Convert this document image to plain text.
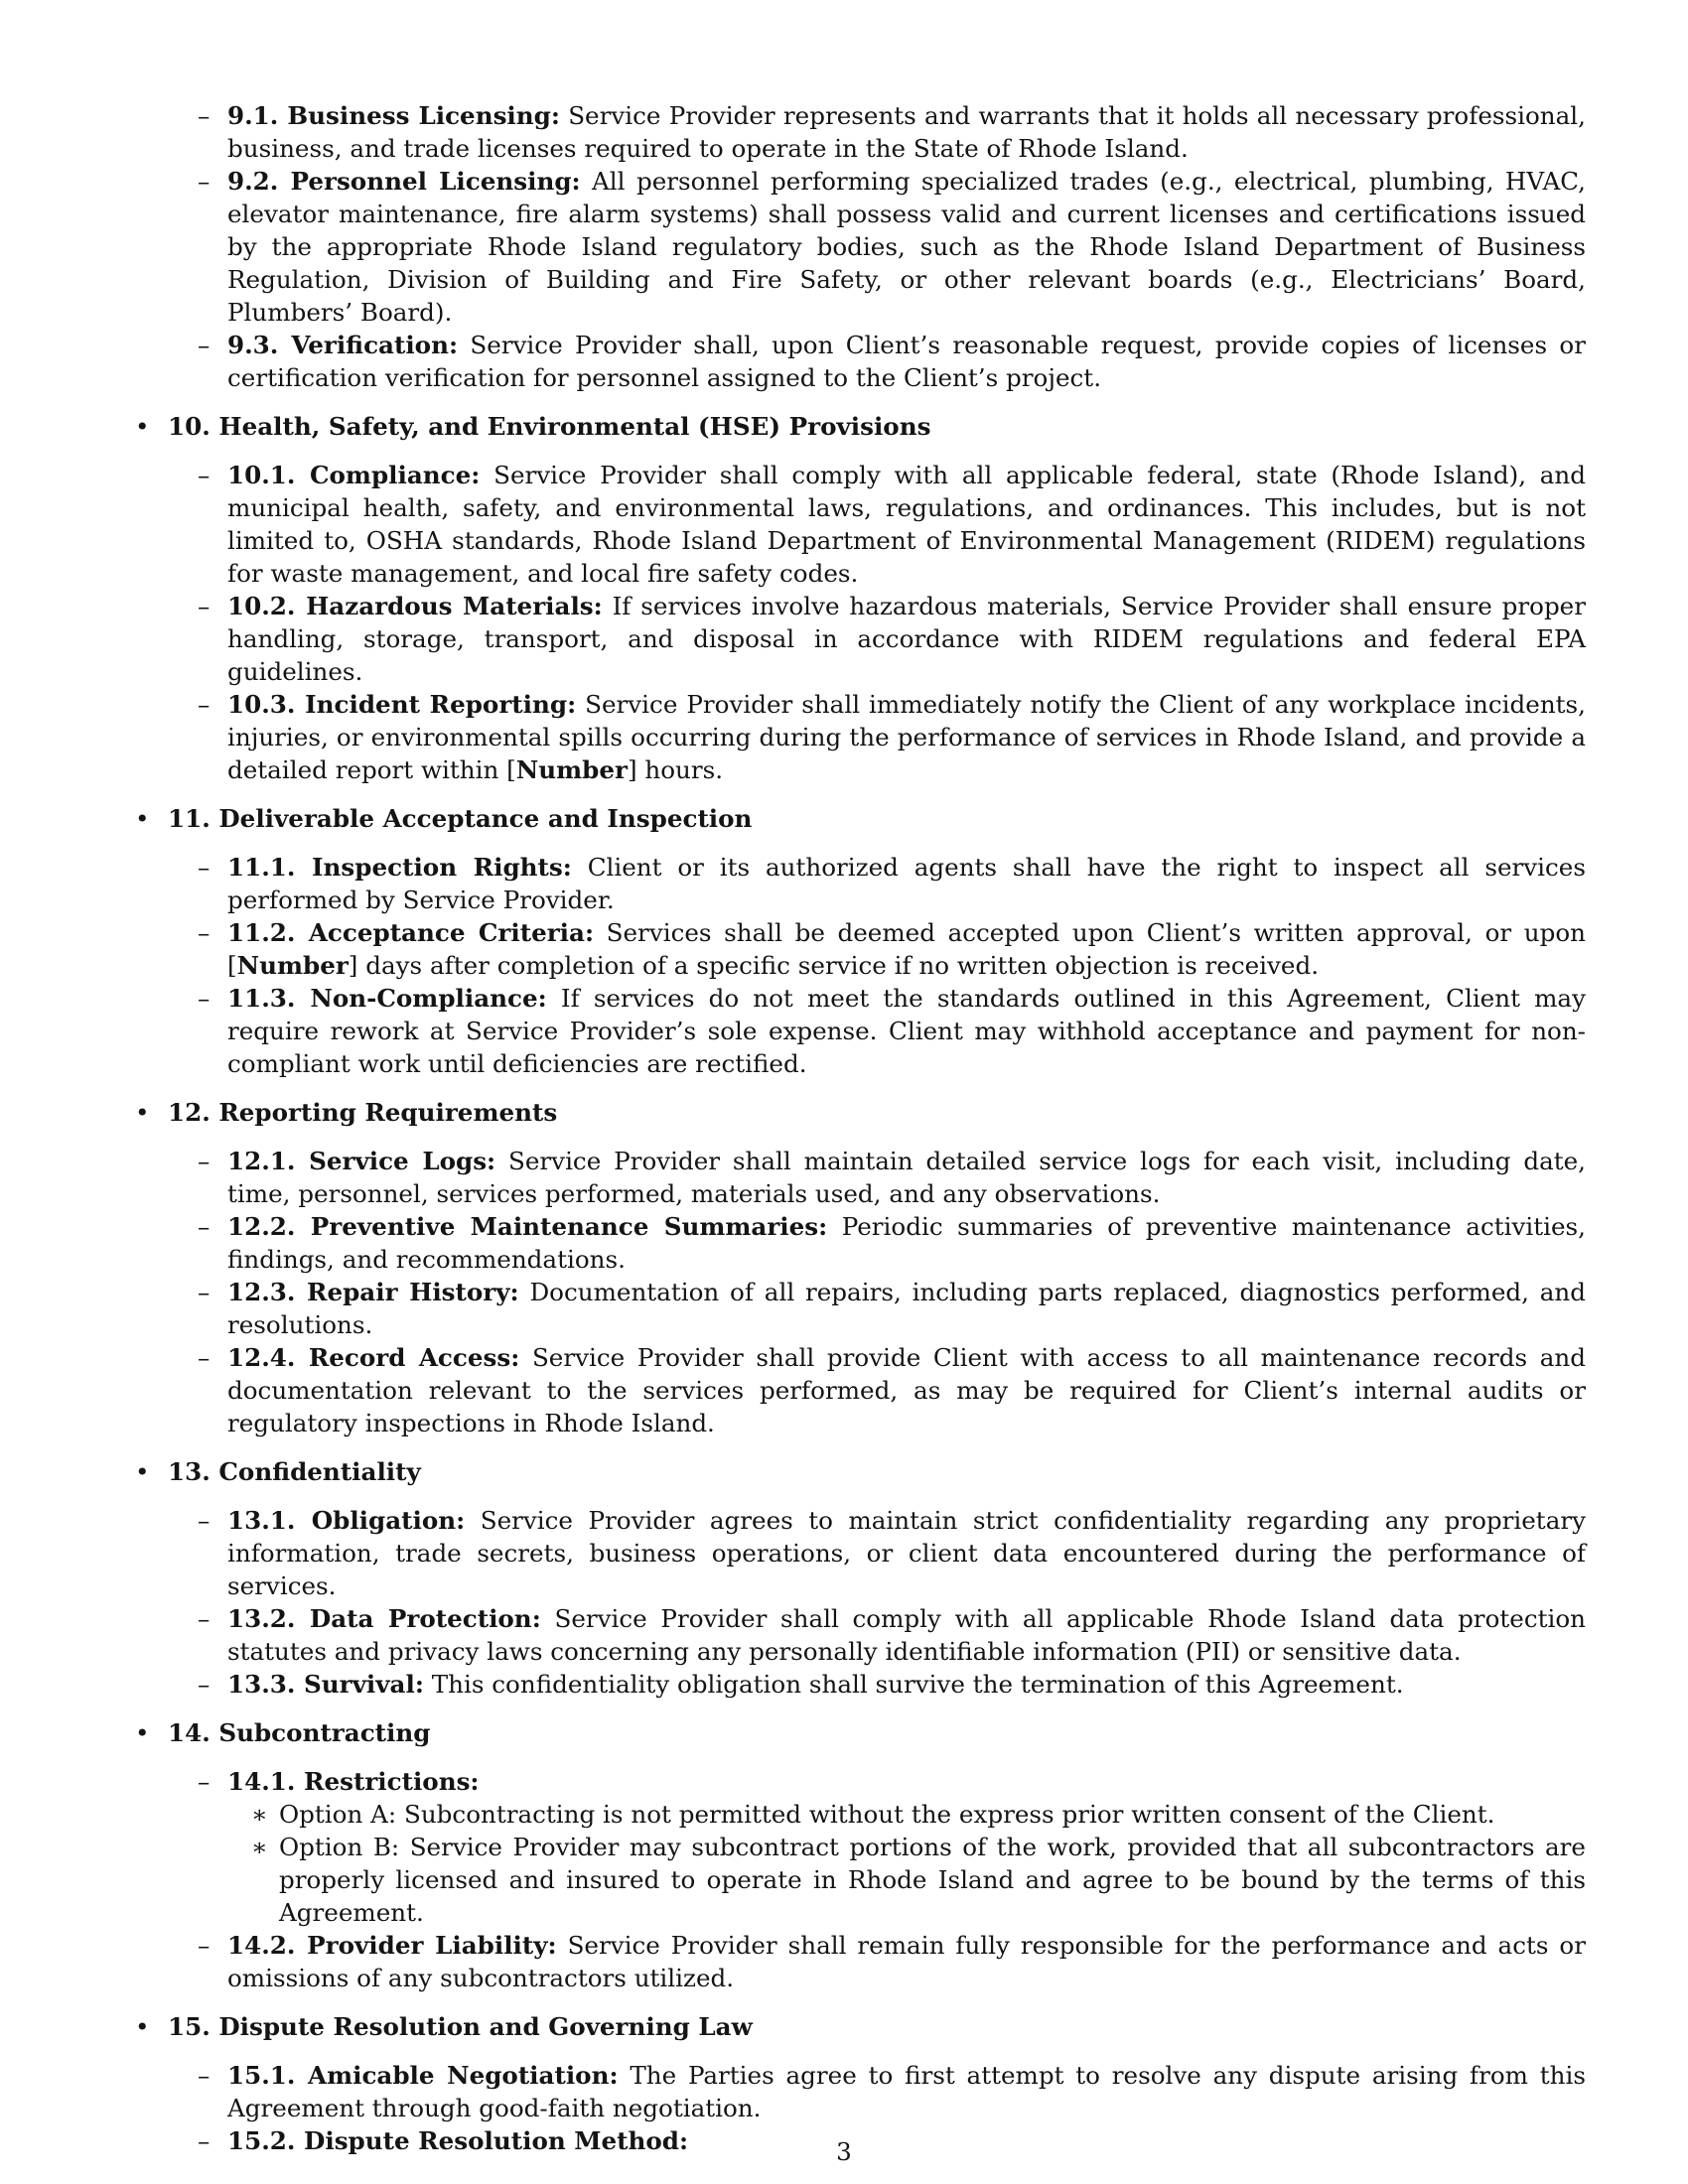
– 9.1. Business Licensing: Service Provider represents and warrants that it holds all necessary professional, business, and trade licenses required to operate in the State of Rhode Island.
– 9.2. Personnel Licensing: All personnel performing specialized trades (e.g., electrical, plumbing, HVAC, elevator maintenance, fire alarm systems) shall possess valid and current licenses and certifications issued by the appropriate Rhode Island regulatory bodies, such as the Rhode Island Department of Business Regulation, Division of Building and Fire Safety, or other relevant boards (e.g., Electricians’ Board, Plumbers’ Board).
– 9.3. Verification: Service Provider shall, upon Client’s reasonable request, provide copies of licenses or certification verification for personnel assigned to the Client’s project.
• 10. Health, Safety, and Environmental (HSE) Provisions
– 10.1. Compliance: Service Provider shall comply with all applicable federal, state (Rhode Island), and municipal health, safety, and environmental laws, regulations, and ordinances. This includes, but is not limited to, OSHA standards, Rhode Island Department of Environmental Management (RIDEM) regulations for waste management, and local fire safety codes.
– 10.2. Hazardous Materials: If services involve hazardous materials, Service Provider shall ensure proper handling, storage, transport, and disposal in accordance with RIDEM regulations and federal EPA guidelines.
– 10.3. Incident Reporting: Service Provider shall immediately notify the Client of any workplace incidents, injuries, or environmental spills occurring during the performance of services in Rhode Island, and provide a detailed report within [Number] hours.
• 11. Deliverable Acceptance and Inspection
– 11.1. Inspection Rights: Client or its authorized agents shall have the right to inspect all services performed by Service Provider.
– 11.2. Acceptance Criteria: Services shall be deemed accepted upon Client’s written approval, or upon [Number] days after completion of a specific service if no written objection is received.
– 11.3. Non-Compliance: If services do not meet the standards outlined in this Agreement, Client may require rework at Service Provider’s sole expense. Client may withhold acceptance and payment for non-compliant work until deficiencies are rectified.
• 12. Reporting Requirements
– 12.1. Service Logs: Service Provider shall maintain detailed service logs for each visit, including date, time, personnel, services performed, materials used, and any observations.
– 12.2. Preventive Maintenance Summaries: Periodic summaries of preventive maintenance activities, findings, and recommendations.
– 12.3. Repair History: Documentation of all repairs, including parts replaced, diagnostics performed, and resolutions.
– 12.4. Record Access: Service Provider shall provide Client with access to all maintenance records and documentation relevant to the services performed, as may be required for Client’s internal audits or regulatory inspections in Rhode Island.
• 13. Confidentiality
– 13.1. Obligation: Service Provider agrees to maintain strict confidentiality regarding any proprietary information, trade secrets, business operations, or client data encountered during the performance of services.
– 13.2. Data Protection: Service Provider shall comply with all applicable Rhode Island data protection statutes and privacy laws concerning any personally identifiable information (PII) or sensitive data.
– 13.3. Survival: This confidentiality obligation shall survive the termination of this Agreement.
• 14. Subcontracting
– 14.1. Restrictions:
∗ Option A: Subcontracting is not permitted without the express prior written consent of the Client.
∗ Option B: Service Provider may subcontract portions of the work, provided that all subcontractors are properly licensed and insured to operate in Rhode Island and agree to be bound by the terms of this Agreement.
– 14.2. Provider Liability: Service Provider shall remain fully responsible for the performance and acts or omissions of any subcontractors utilized.
• 15. Dispute Resolution and Governing Law
– 15.1. Amicable Negotiation: The Parties agree to first attempt to resolve any dispute arising from this Agreement through good-faith negotiation.
– 15.2. Dispute Resolution Method:	3
